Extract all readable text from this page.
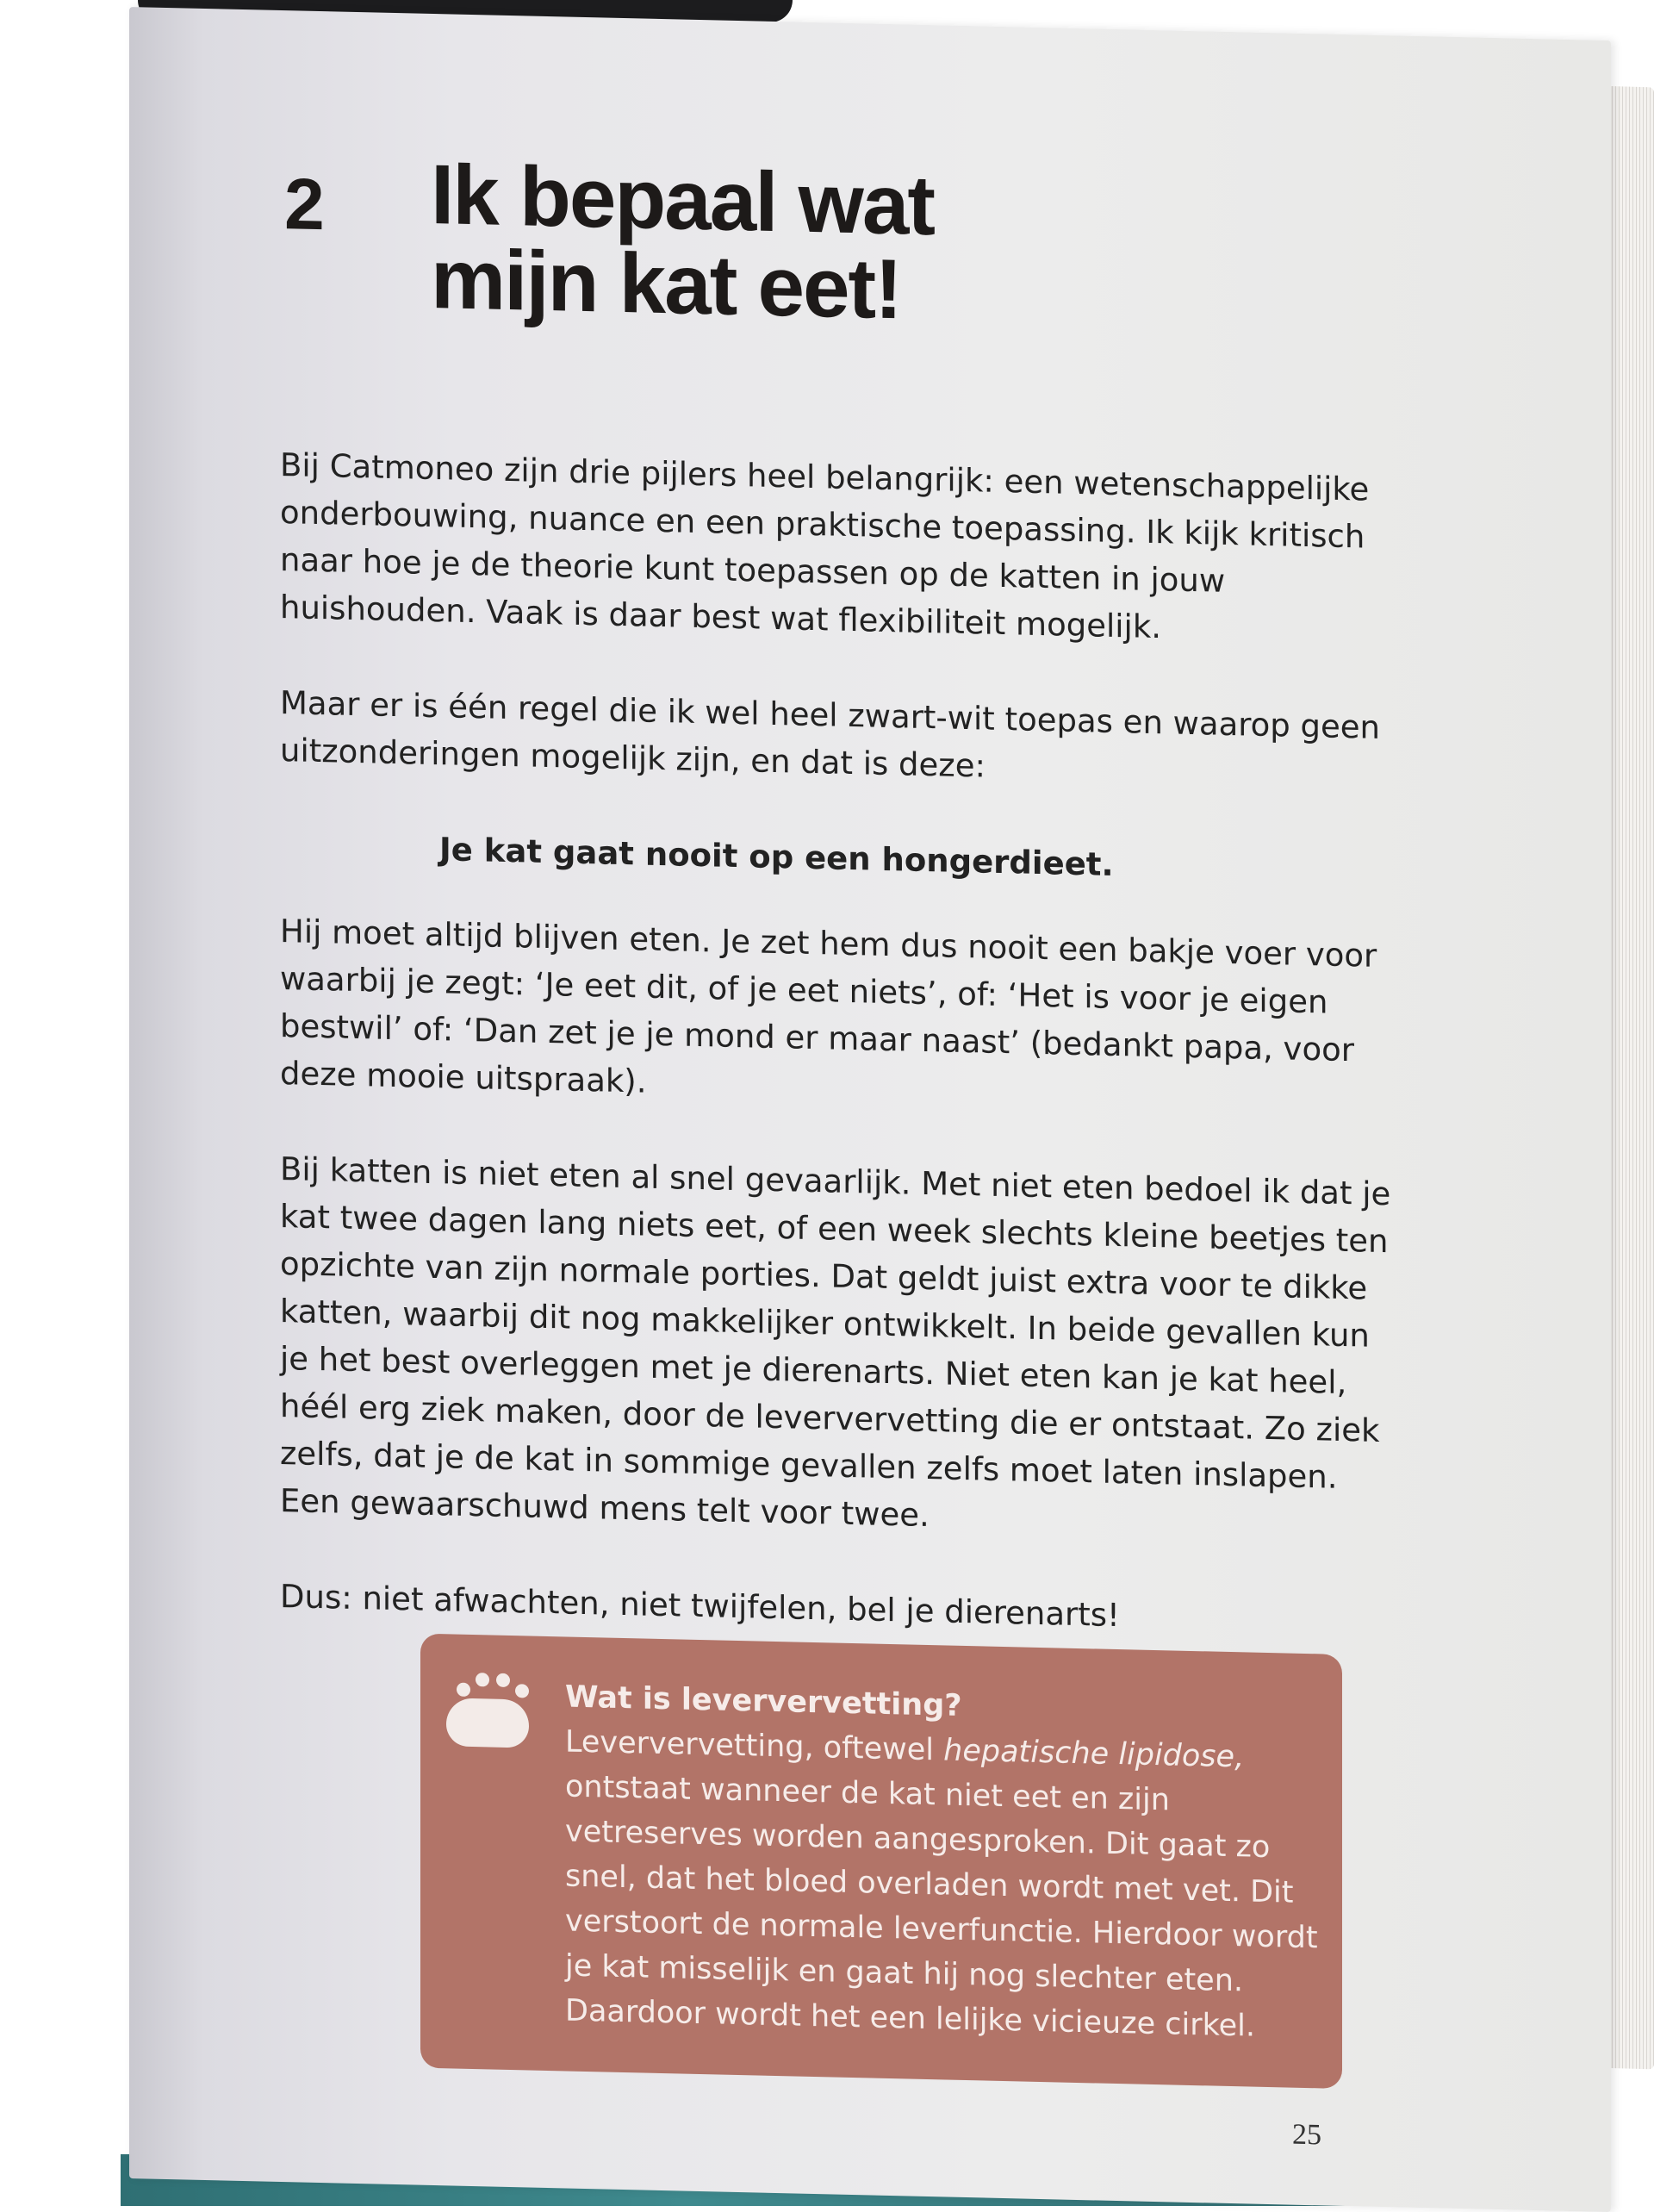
2	Ik bepaal wat
mijn kat eet!

Bij Catmoneo zijn drie pijlers heel belangrijk: een wetenschappelijke onderbouwing, nuance en een praktische toepassing. Ik kijk kritisch naar hoe je de theorie kunt toepassen op de katten in jouw huishouden. Vaak is daar best wat flexibiliteit mogelijk.

Maar er is één regel die ik wel heel zwart-wit toepas en waarop geen uitzonderingen mogelijk zijn, en dat is deze:

Je kat gaat nooit op een hongerdieet.

Hij moet altijd blijven eten. Je zet hem dus nooit een bakje voer voor waarbij je zegt: ‘Je eet dit, of je eet niets’, of: ‘Het is voor je eigen bestwil’ of: ‘Dan zet je je mond er maar naast’ (bedankt papa, voor deze mooie uitspraak).

Bij katten is niet eten al snel gevaarlijk. Met niet eten bedoel ik dat je kat twee dagen lang niets eet, of een week slechts kleine beetjes ten opzichte van zijn normale porties. Dat geldt juist extra voor te dikke katten, waarbij dit nog makkelijker ontwikkelt. In beide gevallen kun je het best overleggen met je dierenarts. Niet eten kan je kat heel, héél erg ziek maken, door de leververvetting die er ontstaat. Zo ziek zelfs, dat je de kat in sommige gevallen zelfs moet laten inslapen. Een gewaarschuwd mens telt voor twee.

Dus: niet afwachten, niet twijfelen, bel je dierenarts!

Wat is leververvetting?

Leververvetting, oftewel hepatische lipidose, ontstaat wanneer de kat niet eet en zijn vetreserves worden aangesproken. Dit gaat zo snel, dat het bloed overladen wordt met vet. Dit verstoort de normale leverfunctie. Hierdoor wordt je kat misselijk en gaat hij nog slechter eten. Daardoor wordt het een lelijke vicieuze cirkel.

25
